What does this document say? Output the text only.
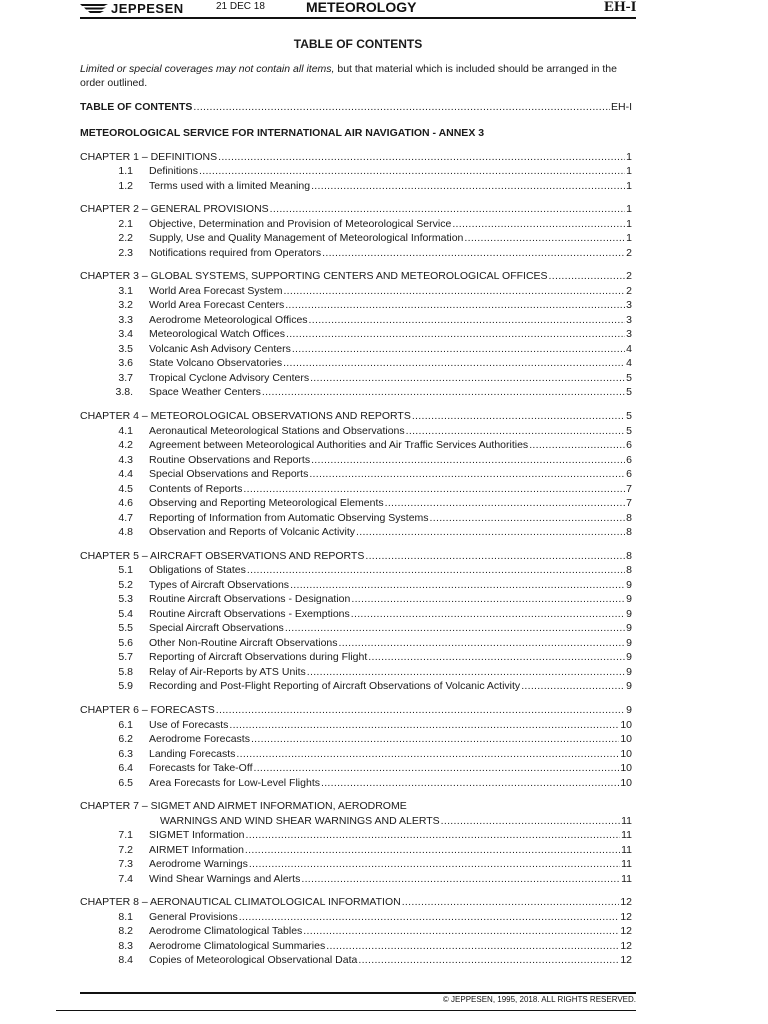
JEPPESEN	21 DEC 18	METEOROLOGY	EH-I
TABLE OF CONTENTS
Limited or special coverages may not contain all items, but that material which is included should be arranged in the order outlined.
TABLE OF CONTENTS .....	EH-I
METEOROLOGICAL SERVICE FOR INTERNATIONAL AIR NAVIGATION - ANNEX 3
CHAPTER 1 – DEFINITIONS .....	1
1.1	Definitions .....	1
1.2	Terms used with a limited Meaning .....	1
CHAPTER 2 – GENERAL PROVISIONS .....	1
2.1	Objective, Determination and Provision of Meteorological Service .....	1
2.2	Supply, Use and Quality Management of Meteorological Information .....	1
2.3	Notifications required from Operators .....	2
CHAPTER 3 – GLOBAL SYSTEMS, SUPPORTING CENTERS AND METEOROLOGICAL OFFICES .....	2
3.1	World Area Forecast System .....	2
3.2	World Area Forecast Centers .....	3
3.3	Aerodrome Meteorological Offices .....	3
3.4	Meteorological Watch Offices .....	3
3.5	Volcanic Ash Advisory Centers .....	4
3.6	State Volcano Observatories .....	4
3.7	Tropical Cyclone Advisory Centers .....	5
3.8.	Space Weather Centers .....	5
CHAPTER 4 – METEOROLOGICAL OBSERVATIONS AND REPORTS .....	5
4.1	Aeronautical Meteorological Stations and Observations .....	5
4.2	Agreement between Meteorological Authorities and Air Traffic Services Authorities .....	6
4.3	Routine Observations and Reports .....	6
4.4	Special Observations and Reports .....	6
4.5	Contents of Reports .....	7
4.6	Observing and Reporting Meteorological Elements .....	7
4.7	Reporting of Information from Automatic Observing Systems .....	8
4.8	Observation and Reports of Volcanic Activity .....	8
CHAPTER 5 – AIRCRAFT OBSERVATIONS AND REPORTS .....	8
5.1	Obligations of States .....	8
5.2	Types of Aircraft Observations .....	9
5.3	Routine Aircraft Observations - Designation .....	9
5.4	Routine Aircraft Observations - Exemptions .....	9
5.5	Special Aircraft Observations .....	9
5.6	Other Non-Routine Aircraft Observations .....	9
5.7	Reporting of Aircraft Observations during Flight .....	9
5.8	Relay of Air-Reports by ATS Units .....	9
5.9	Recording and Post-Flight Reporting of Aircraft Observations of Volcanic Activity .....	9
CHAPTER 6 – FORECASTS .....	9
6.1	Use of Forecasts .....	10
6.2	Aerodrome Forecasts .....	10
6.3	Landing Forecasts .....	10
6.4	Forecasts for Take-Off .....	10
6.5	Area Forecasts for Low-Level Flights .....	10
CHAPTER 7 – SIGMET AND AIRMET INFORMATION, AERODROME
WARNINGS AND WIND SHEAR WARNINGS AND ALERTS .....	11
7.1	SIGMET Information .....	11
7.2	AIRMET Information .....	11
7.3	Aerodrome Warnings .....	11
7.4	Wind Shear Warnings and Alerts .....	11
CHAPTER 8 – AERONAUTICAL CLIMATOLOGICAL INFORMATION .....	12
8.1	General Provisions .....	12
8.2	Aerodrome Climatological Tables .....	12
8.3	Aerodrome Climatological Summaries .....	12
8.4	Copies of Meteorological Observational Data .....	12
© JEPPESEN, 1995, 2018. ALL RIGHTS RESERVED.
